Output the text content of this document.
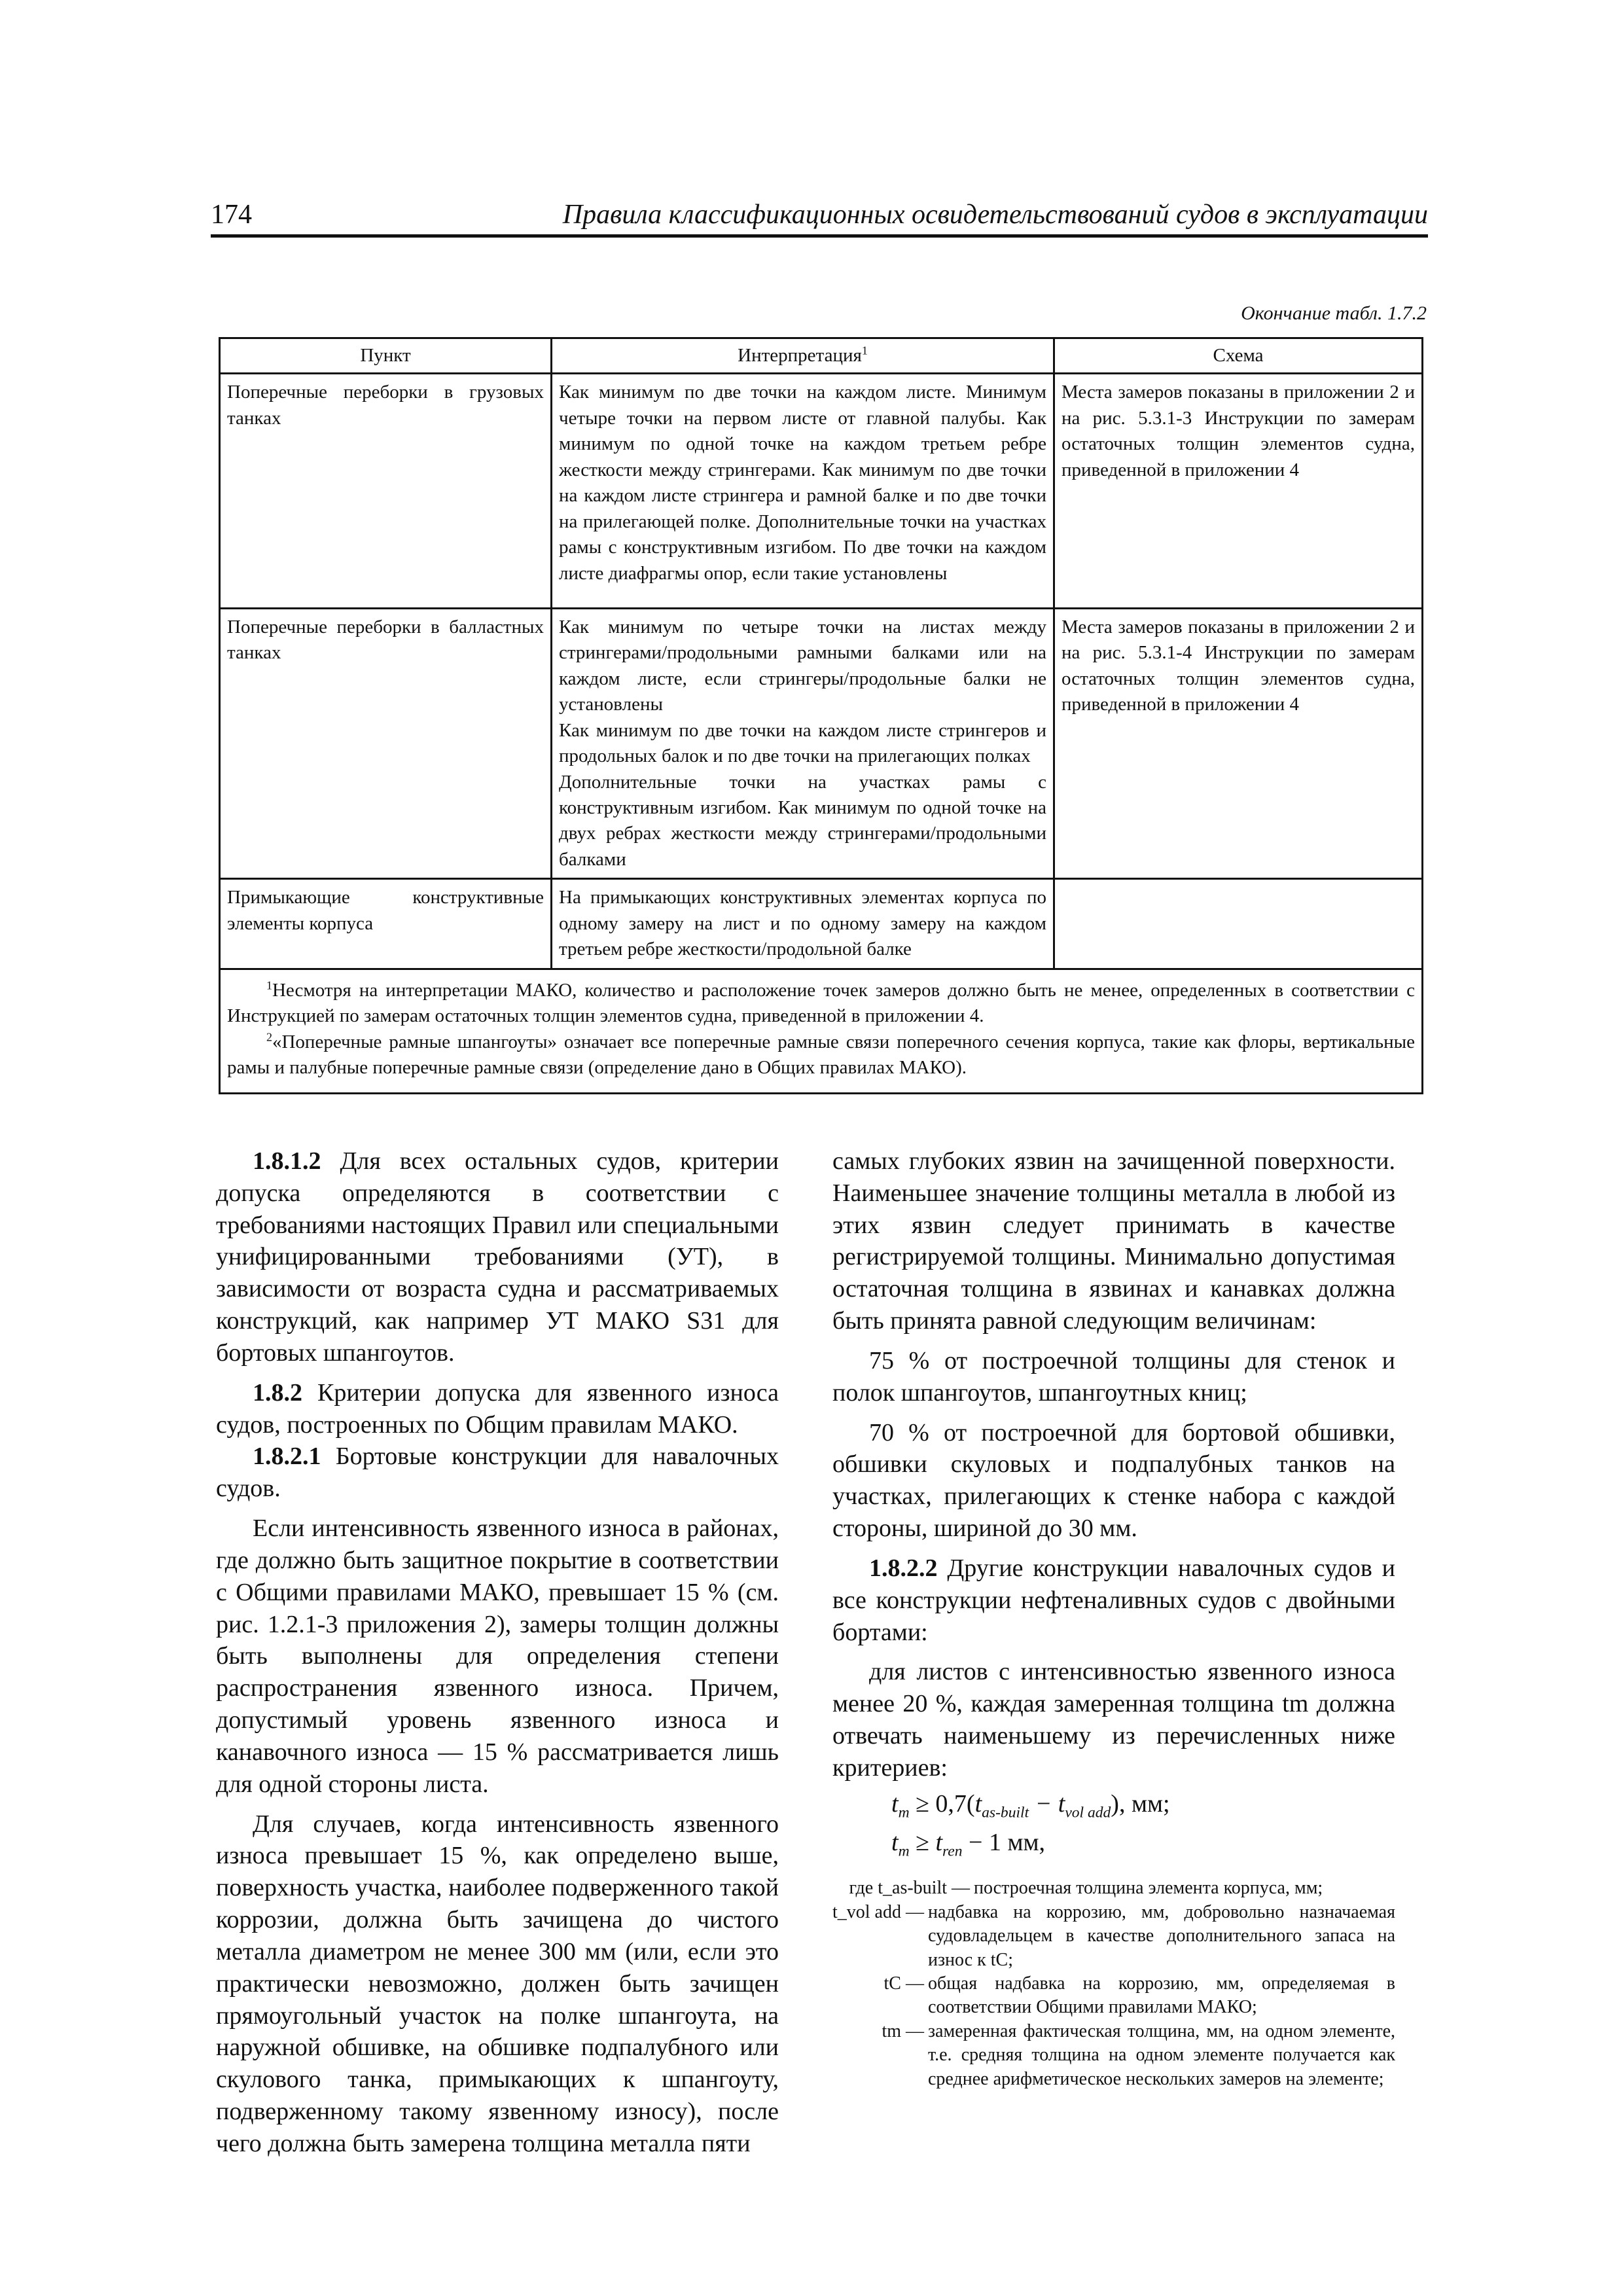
174	Правила классификационных освидетельствований судов в эксплуатации
Окончание табл. 1.7.2
Пункт	Интерпретация$^1$	Схема
Поперечные переборки в грузовых танках	Как минимум по две точки на каждом листе. Минимум четыре точки на первом листе от главной палубы. Как минимум по одной точке на каждом третьем ребре жесткости между стрингерами. Как минимум по две точки на каждом листе стрингера и рамной балке и по две точки на прилегающей полке. Дополнительные точки на участках рамы с конструктивным изгибом. По две точки на каждом листе диафрагмы опор, если такие установлены	Места замеров показаны в приложении 2 и на рис. 5.3.1-3 Инструкции по замерам остаточных толщин элементов судна, приведенной в приложении 4
Поперечные переборки в балластных танках	Как минимум по четыре точки на листах между стрингерами/продольными рамными балками или на каждом листе, если стрингеры/продольные балки не установлены
Как минимум по две точки на каждом листе стрингеров и продольных балок и по две точки на прилегающих полках
Дополнительные точки на участках рамы с конструктивным изгибом. Как минимум по одной точке на двух ребрах жесткости между стрингерами/продольными балками	Места замеров показаны в приложении 2 и на рис. 5.3.1-4 Инструкции по замерам остаточных толщин элементов судна, приведенной в приложении 4
Примыкающие конструктивные элементы корпуса	На примыкающих конструктивных элементах корпуса по одному замеру на лист и по одному замеру на каждом третьем ребре жесткости/продольной балке	

$^1$Несмотря на интерпретации МАКО, количество и расположение точек замеров должно быть не менее, определенных в соответствии с Инструкцией по замерам остаточных толщин элементов судна, приведенной в приложении 4.
$^2$«Поперечные рамные шпангоуты» означает все поперечные рамные связи поперечного сечения корпуса, такие как флоры, вертикальные рамы и палубные поперечные рамные связи (определение дано в Общих правилах МАКО).		

1.8.1.2 Для всех остальных судов, критерии допуска определяются в соответствии с требованиями настоящих Правил или специальными унифицированными требованиями (УТ), в зависимости от возраста судна и рассматриваемых конструкций, как например УТ МАКО S31 для бортовых шпангоутов.

1.8.2 Критерии допуска для язвенного износа судов, построенных по Общим правилам МАКО.

1.8.2.1 Бортовые конструкции для навалочных судов.

Если интенсивность язвенного износа в районах, где должно быть защитное покрытие в соответствии с Общими правилами МАКО, превышает 15 % (см. рис. 1.2.1-3 приложения 2), замеры толщин должны быть выполнены для определения степени распространения язвенного износа. Причем, допустимый уровень язвенного износа и канавочного износа — 15 % рассматривается лишь для одной стороны листа.

Для случаев, когда интенсивность язвенного износа превышает 15 %, как определено выше, поверхность участка, наиболее подверженного такой коррозии, должна быть зачищена до чистого металла диаметром не менее 300 мм (или, если это практически невозможно, должен быть зачищен прямоугольный участок на полке шпангоута, на наружной обшивке, на обшивке подпалубного или скулового танка, примыкающих к шпангоуту, подверженному такому язвенному износу), после чего должна быть замерена толщина металла пяти

самых глубоких язвин на зачищенной поверхности. Наименьшее значение толщины металла в любой из этих язвин следует принимать в качестве регистрируемой толщины. Минимально допустимая остаточная толщина в язвинах и канавках должна быть принята равной следующим величинам:

75 % от построечной толщины для стенок и полок шпангоутов, шпангоутных книц;

70 % от построечной для бортовой обшивки, обшивки скуловых и подпалубных танков на участках, прилегающих к стенке набора с каждой стороны, шириной до 30 мм.

1.8.2.2 Другие конструкции навалочных судов и все конструкции нефтеналивных судов с двойными бортами:

для листов с интенсивностью язвенного износа менее 20 %, каждая замеренная толщина tm должна отвечать наименьшему из перечисленных ниже критериев:

$t_m \ge 0,7(t_{as-built} - t_{vol add})$, мм;
$t_m \ge t_{ren} - 1$ мм,
где t_as-built — построечная толщина элемента корпуса, мм;
t_vol add — надбавка на коррозию, мм, добровольно назначаемая судовладельцем в качестве дополнительного запаса на износ к tC;
tC — общая надбавка на коррозию, мм, определяемая в соответствии Общими правилами МАКО;
tm — замеренная фактическая толщина, мм, на одном элементе, т.е. средняя толщина на одном элементе получается как среднее арифметическое нескольких замеров на элементе;
